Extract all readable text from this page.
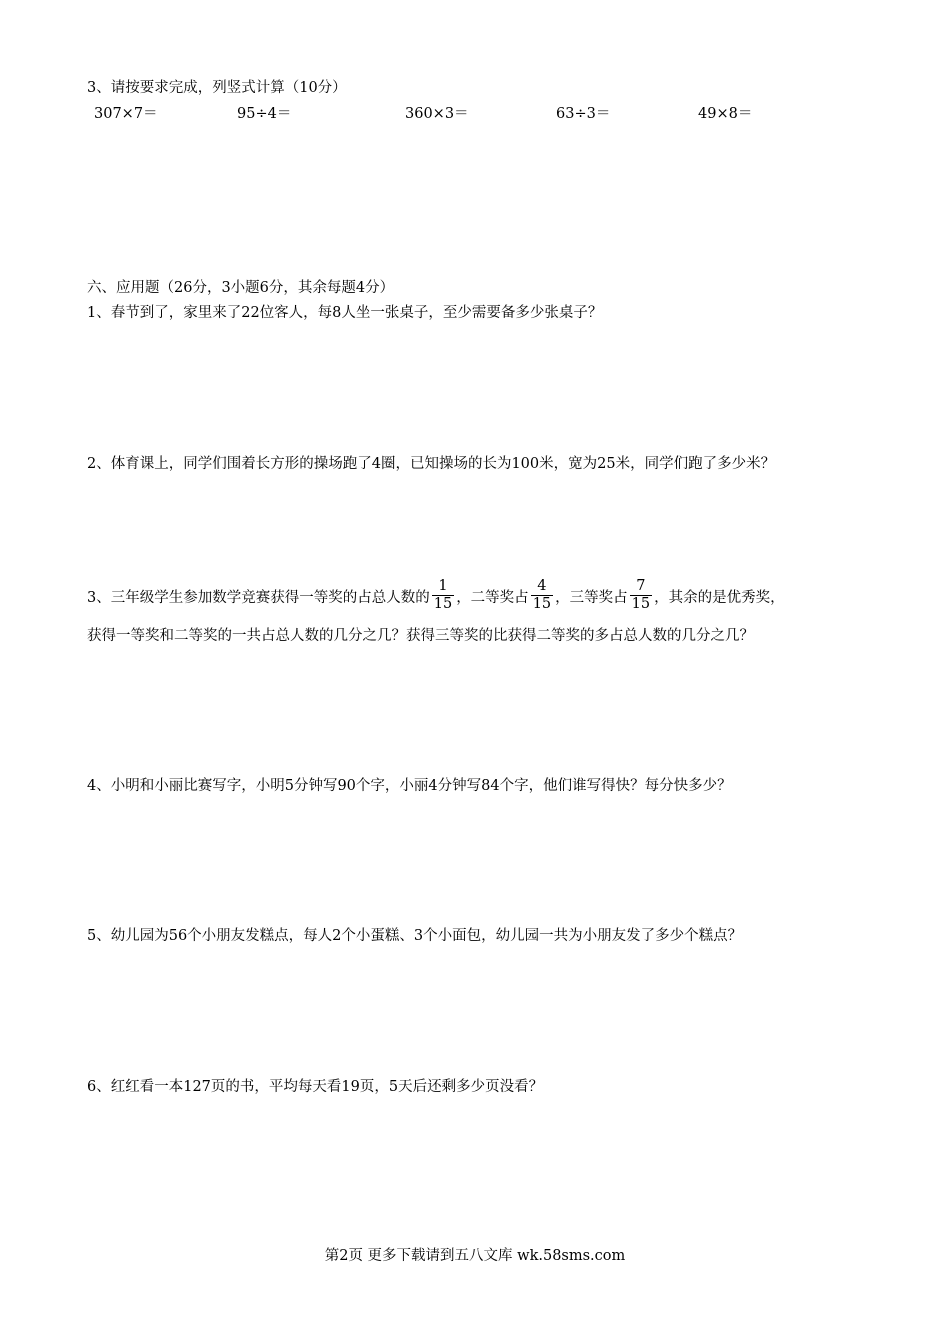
3、请按要求完成，列竖式计算（10分）
307×7＝	95÷4＝	360×3＝	63÷3＝	49×8＝
六、应用题（26分，3小题6分，其余每题4分）
1、春节到了，家里来了22位客人，每8人坐一张桌子，至少需要备多少张桌子？
2、体育课上，同学们围着长方形的操场跑了4圈，已知操场的长为100米，宽为25米，同学们跑了多少米？
3、三年级学生参加数学竞赛获得一等奖的占总人数的 $\frac{1}{15}$ ，二等奖占 $\frac{4}{15}$ ，三等奖占 $\frac{7}{15}$ ，其余的是优秀奖，
获得一等奖和二等奖的一共占总人数的几分之几？获得三等奖的比获得二等奖的多占总人数的几分之几？
4、小明和小丽比赛写字，小明5分钟写90个字，小丽4分钟写84个字，他们谁写得快？每分快多少？
5、幼儿园为56个小朋友发糕点，每人2个小蛋糕、3个小面包，幼儿园一共为小朋友发了多少个糕点？
6、红红看一本127页的书，平均每天看19页，5天后还剩多少页没看？
第2页 更多下载请到五八文库 wk.58sms.com
